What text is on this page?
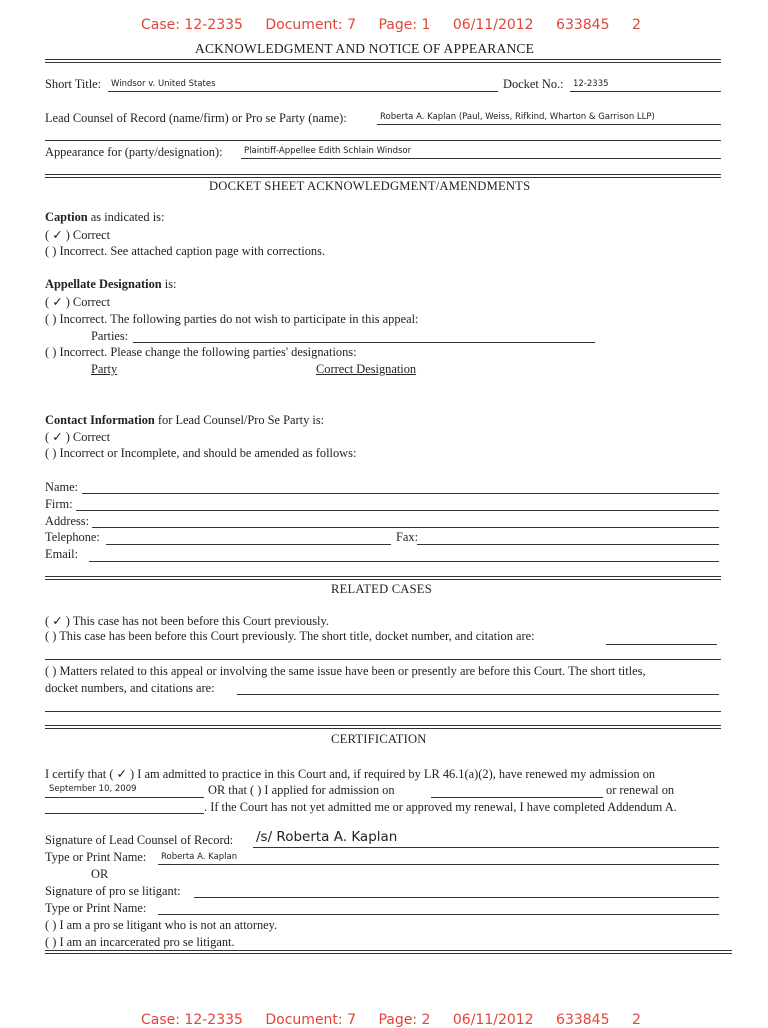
Case: 12-2335 Document: 7 Page: 1 06/11/2012 633845 2
ACKNOWLEDGMENT AND NOTICE OF APPEARANCE
Short Title: Windsor v. United States	Docket No.: 12-2335
Lead Counsel of Record (name/firm) or Pro se Party (name):	Roberta A. Kaplan (Paul, Weiss, Rifkind, Wharton & Garrison LLP)
Appearance for (party/designation):	Plaintiff-Appellee Edith Schlain Windsor
DOCKET SHEET ACKNOWLEDGMENT/AMENDMENTS
Caption as indicated is:
( ✓ ) Correct
( ) Incorrect. See attached caption page with corrections.
Appellate Designation is:
( ✓ ) Correct
( ) Incorrect. The following parties do not wish to participate in this appeal:
Parties:
( ) Incorrect. Please change the following parties' designations:
Party	Correct Designation
Contact Information for Lead Counsel/Pro Se Party is:
( ✓ ) Correct
( ) Incorrect or Incomplete, and should be amended as follows:
Name:
Firm:
Address:
Telephone:	Fax:
Email:
RELATED CASES
( ✓ ) This case has not been before this Court previously.
( ) This case has been before this Court previously. The short title, docket number, and citation are:
( ) Matters related to this appeal or involving the same issue have been or presently are before this Court. The short titles,
docket numbers, and citations are:
CERTIFICATION
I certify that ( ✓ ) I am admitted to practice in this Court and, if required by LR 46.1(a)(2), have renewed my admission on
September 10, 2009	OR that ( ) I applied for admission on	or renewal on
. If the Court has not yet admitted me or approved my renewal, I have completed Addendum A.
Signature of Lead Counsel of Record: /s/ Roberta A. Kaplan
Type or Print Name: Roberta A. Kaplan
OR
Signature of pro se litigant:
Type or Print Name:
( ) I am a pro se litigant who is not an attorney.
( ) I am an incarcerated pro se litigant.
Case: 12-2335 Document: 7 Page: 2 06/11/2012 633845 2
